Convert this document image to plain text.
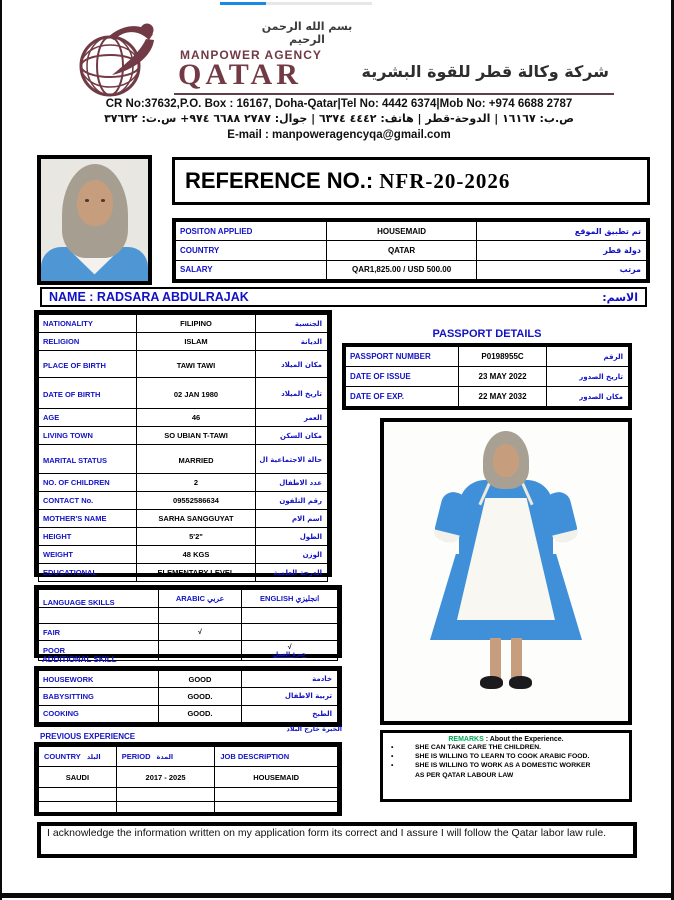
بسم الله الرحمن الرحيم
MANPOWER AGENCY
QATAR	شركة وكالة قطر للقوة البشرية
CR No:37632,P.O. Box : 16167, Doha-Qatar|Tel No: 4442 6374|Mob No: +974 6688 2787
ص.ب: ١٦١٦٧ | الدوحة-قطر | هاتف: ٤٤٤٢ ٦٣٧٤ | جوال: ٢٧٨٧ ٦٦٨٨ ٩٧٤+ س.ت: ٣٧٦٣٢
E-mail : manpoweragencyqa@gmail.com
REFERENCE NO.: NFR-20-2026
POSITON APPLIED	HOUSEMAID	تم تطبيق الموقع
COUNTRY	QATAR	دولة قطر
SALARY	QAR1,825.00 / USD 500.00	مرتب
NAME : RADSARA ABDULRAJAK	الاسم:
NATIONALITY	FILIPINO	الجنسية
RELIGION	ISLAM	الديانة
PLACE OF BIRTH	TAWI TAWI	مكان الميلاد
DATE OF BIRTH	02 JAN 1980	تاريخ الميلاد
AGE	46	العمر
LIVING TOWN	SO UBIAN T-TAWI	مكان السكن
MARITAL STATUS	MARRIED	حالة الاجتماعية ال
NO. OF CHILDREN	2	عدد الاطفال
CONTACT No.	09552586634	رقم التلفون
MOTHER'S NAME	SARHA SANGGUYAT	اسم الام
HEIGHT	5'2"	الطول
WEIGHT	48 KGS	الوزن
EDUCATIONAL	ELEMENTARY LEVEL	الدرجة العلمية
PASSPORT DETAILS
PASSPORT NUMBER	P0198955C	الرقم
DATE OF ISSUE	23 MAY 2022	تاريخ الصدور
DATE OF EXP.	22 MAY 2032	مكان الصدور
LANGUAGE SKILLS	ARABIC عربي	ENGLISH انجليزي

FAIR	√	
POOR		√
خبرة العمل
ADDITIONAL SKILL
HOUSEWORK	GOOD	خادمة
BABYSITTING	GOOD.	تربية الاطفال
COOKING	GOOD.	الطبخ
الخبرة خارج البلاد
PREVIOUS EXPERIENCE
COUNTRY البلد	PERIOD المدة	JOB DESCRIPTION
SAUDI	2017 - 2025	HOUSEMAID

REMARKS : About the Experience.
•	SHE CAN TAKE CARE THE CHILDREN.
•	SHE IS WILLING TO LEARN TO COOK ARABIC FOOD.
•	SHE IS WILLING TO WORK AS A DOMESTIC WORKER AS PER QATAR LABOUR LAW
I acknowledge the information written on my application form its correct and I assure I will follow the Qatar labor law rule.
